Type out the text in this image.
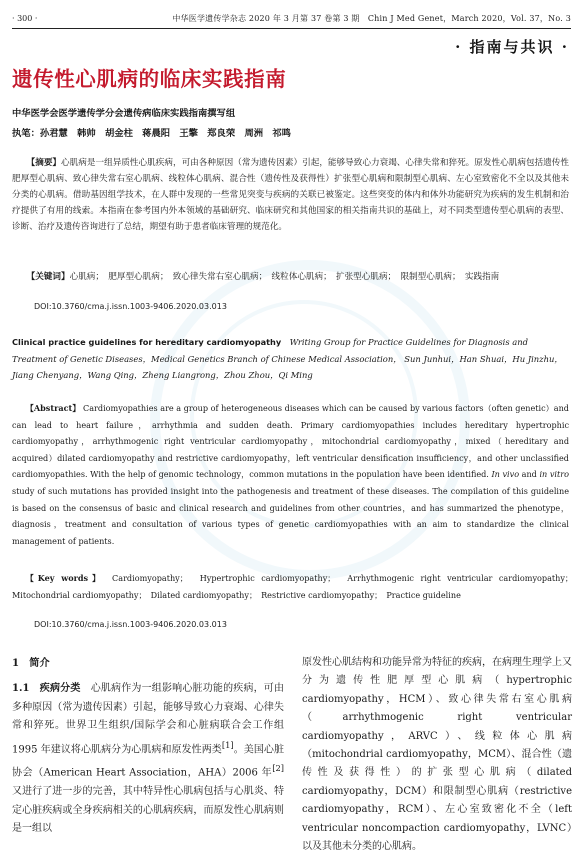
· 300 ·	中华医学遗传学杂志 2020 年 3 月第 37 卷第 3 期　Chin J Med Genet，March 2020，Vol. 37，No. 3
· 指南与共识 ·
遗传性心肌病的临床实践指南
中华医学会医学遗传学分会遗传病临床实践指南撰写组
执笔：孙君慧　韩帅　胡金柱　蒋晨阳　王擎　郑良荣　周洲　祁鸣
【摘要】心肌病是一组异质性心肌疾病，可由各种原因（常为遗传因素）引起，能够导致心力衰竭、心律失常和猝死。原发性心肌病包括遗传性肥厚型心肌病、致心律失常右室心肌病、线粒体心肌病、混合性（遗传性及获得性）扩张型心肌病和限制型心肌病、左心室致密化不全以及其他未分类的心肌病。借助基因组学技术，在人群中发现的一些常见突变与疾病的关联已被鉴定。这些突变的体内和体外功能研究为疾病的发生机制和治疗提供了有用的线索。本指南在参考国内外本领域的基础研究、临床研究和其他国家的相关指南共识的基础上，对不同类型遗传型心肌病的表型、诊断、治疗及遗传咨询进行了总结，期望有助于患者临床管理的规范化。
【关键词】心肌病；　肥厚型心肌病；　致心律失常右室心肌病；　线粒体心肌病；　扩张型心肌病；　限制型心肌病；　实践指南
DOI:10.3760/cma.j.issn.1003-9406.2020.03.013
Clinical practice guidelines for hereditary cardiomyopathy　 Writing Group for Practice Guidelines for Diagnosis and Treatment of Genetic Diseases，Medical Genetics Branch of Chinese Medical Association， Sun Junhui，Han Shuai，Hu Jinzhu，Jiang Chenyang，Wang Qing，Zheng Liangrong，Zhou Zhou，Qi Ming
【Abstract】 Cardiomyopathies are a group of heterogeneous diseases which can be caused by various factors（often genetic）and can lead to heart failure，arrhythmia and sudden death. Primary cardiomyopathies includes hereditary hypertrophic cardiomyopathy，arrhythmogenic right ventricular cardiomyopathy，mitochondrial cardiomyopathy，mixed（hereditary and acquired）dilated cardiomyopathy and restrictive cardiomyopathy，left ventricular densification insufficiency，and other unclassified cardiomyopathies. With the help of genomic technology，common mutations in the population have been identified. In vivo and in vitro study of such mutations has provided insight into the pathogenesis and treatment of these diseases. The compilation of this guideline is based on the consensus of basic and clinical research and guidelines from other countries，and has summarized the phenotype，diagnosis，treatment and consultation of various types of genetic cardiomyopathies with an aim to standardize the clinical management of patients.
【Key words】　 Cardiomyopathy；　Hypertrophic cardiomyopathy；　Arrhythmogenic right ventricular cardiomyopathy；　Mitochondrial cardiomyopathy；　Dilated cardiomyopathy；　Restrictive cardiomyopathy；　Practice guideline
DOI:10.3760/cma.j.issn.1003-9406.2020.03.013
1　简介

1.1　疾病分类　 心肌病作为一组影响心脏功能的疾病，可由多种原因（常为遗传因素）引起，能够导致心力衰竭、心律失常和猝死。世界卫生组织/国际学会和心脏病联合会工作组 1995 年建议将心肌病分为心肌病和原发性两类[1]。美国心脏协会（American Heart Association，AHA）2006 年[2]又进行了进一步的完善，其中特异性心肌病包括与心肌炎、特定心脏疾病或全身疾病相关的心肌病疾病，而原发性心肌病则是一组以

原发性心肌结构和功能异常为特征的疾病，在病理生理学上又分为遗传性肥厚型心肌病（hypertrophic cardiomyopathy，HCM）、致心律失常右室心肌病（arrhythmogenic right ventricular cardiomyopathy，ARVC）、线粒体心肌病（mitochondrial cardiomyopathy，MCM）、混合性（遗传性及获得性）的扩张型心肌病（dilated cardiomyopathy，DCM）和限制型心肌病（restrictive cardiomyopathy，RCM）、左心室致密化不全（left ventricular noncompaction cardiomyopathy，LVNC）以及其他未分类的心肌病。
